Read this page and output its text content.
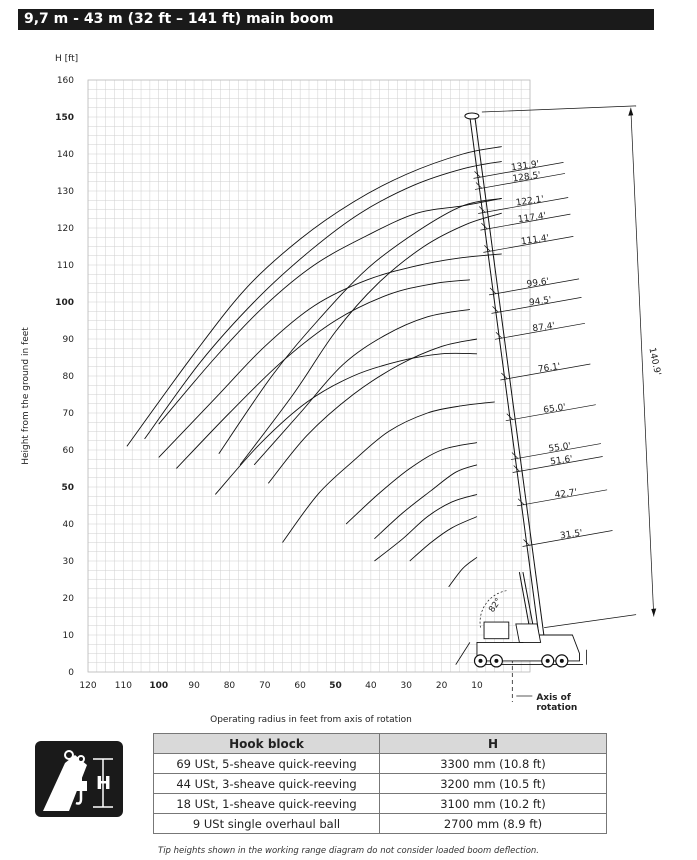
9,7 m - 43 m (32 ft – 141 ft) main boom
0
10
20
30
40
50
60
70
80
90
100
110
120
130
140
150
160
120 110 100 90	80	70	60	50	40	30	20	10
H [ft]
Height from the ground in feet
Operating radius in feet from axis of rotation
Axis of
rotation
131.9'
128.5'
122.1'
117.4'
111.4'
99.6'
94.5'
87.4'
76.1'
65.0'
55.0'
51.6'
42.7'
31.5'
140.9'
82°
H
Hook block	H
69 USt, 5-sheave quick-reeving	3300 mm (10.8 ft)
44 USt, 3-sheave quick-reeving	3200 mm (10.5 ft)
18 USt, 1-sheave quick-reeving	3100 mm (10.2 ft)
9 USt single overhaul ball	2700 mm (8.9 ft)
Tip heights shown in the working range diagram do not consider loaded boom deflection.
